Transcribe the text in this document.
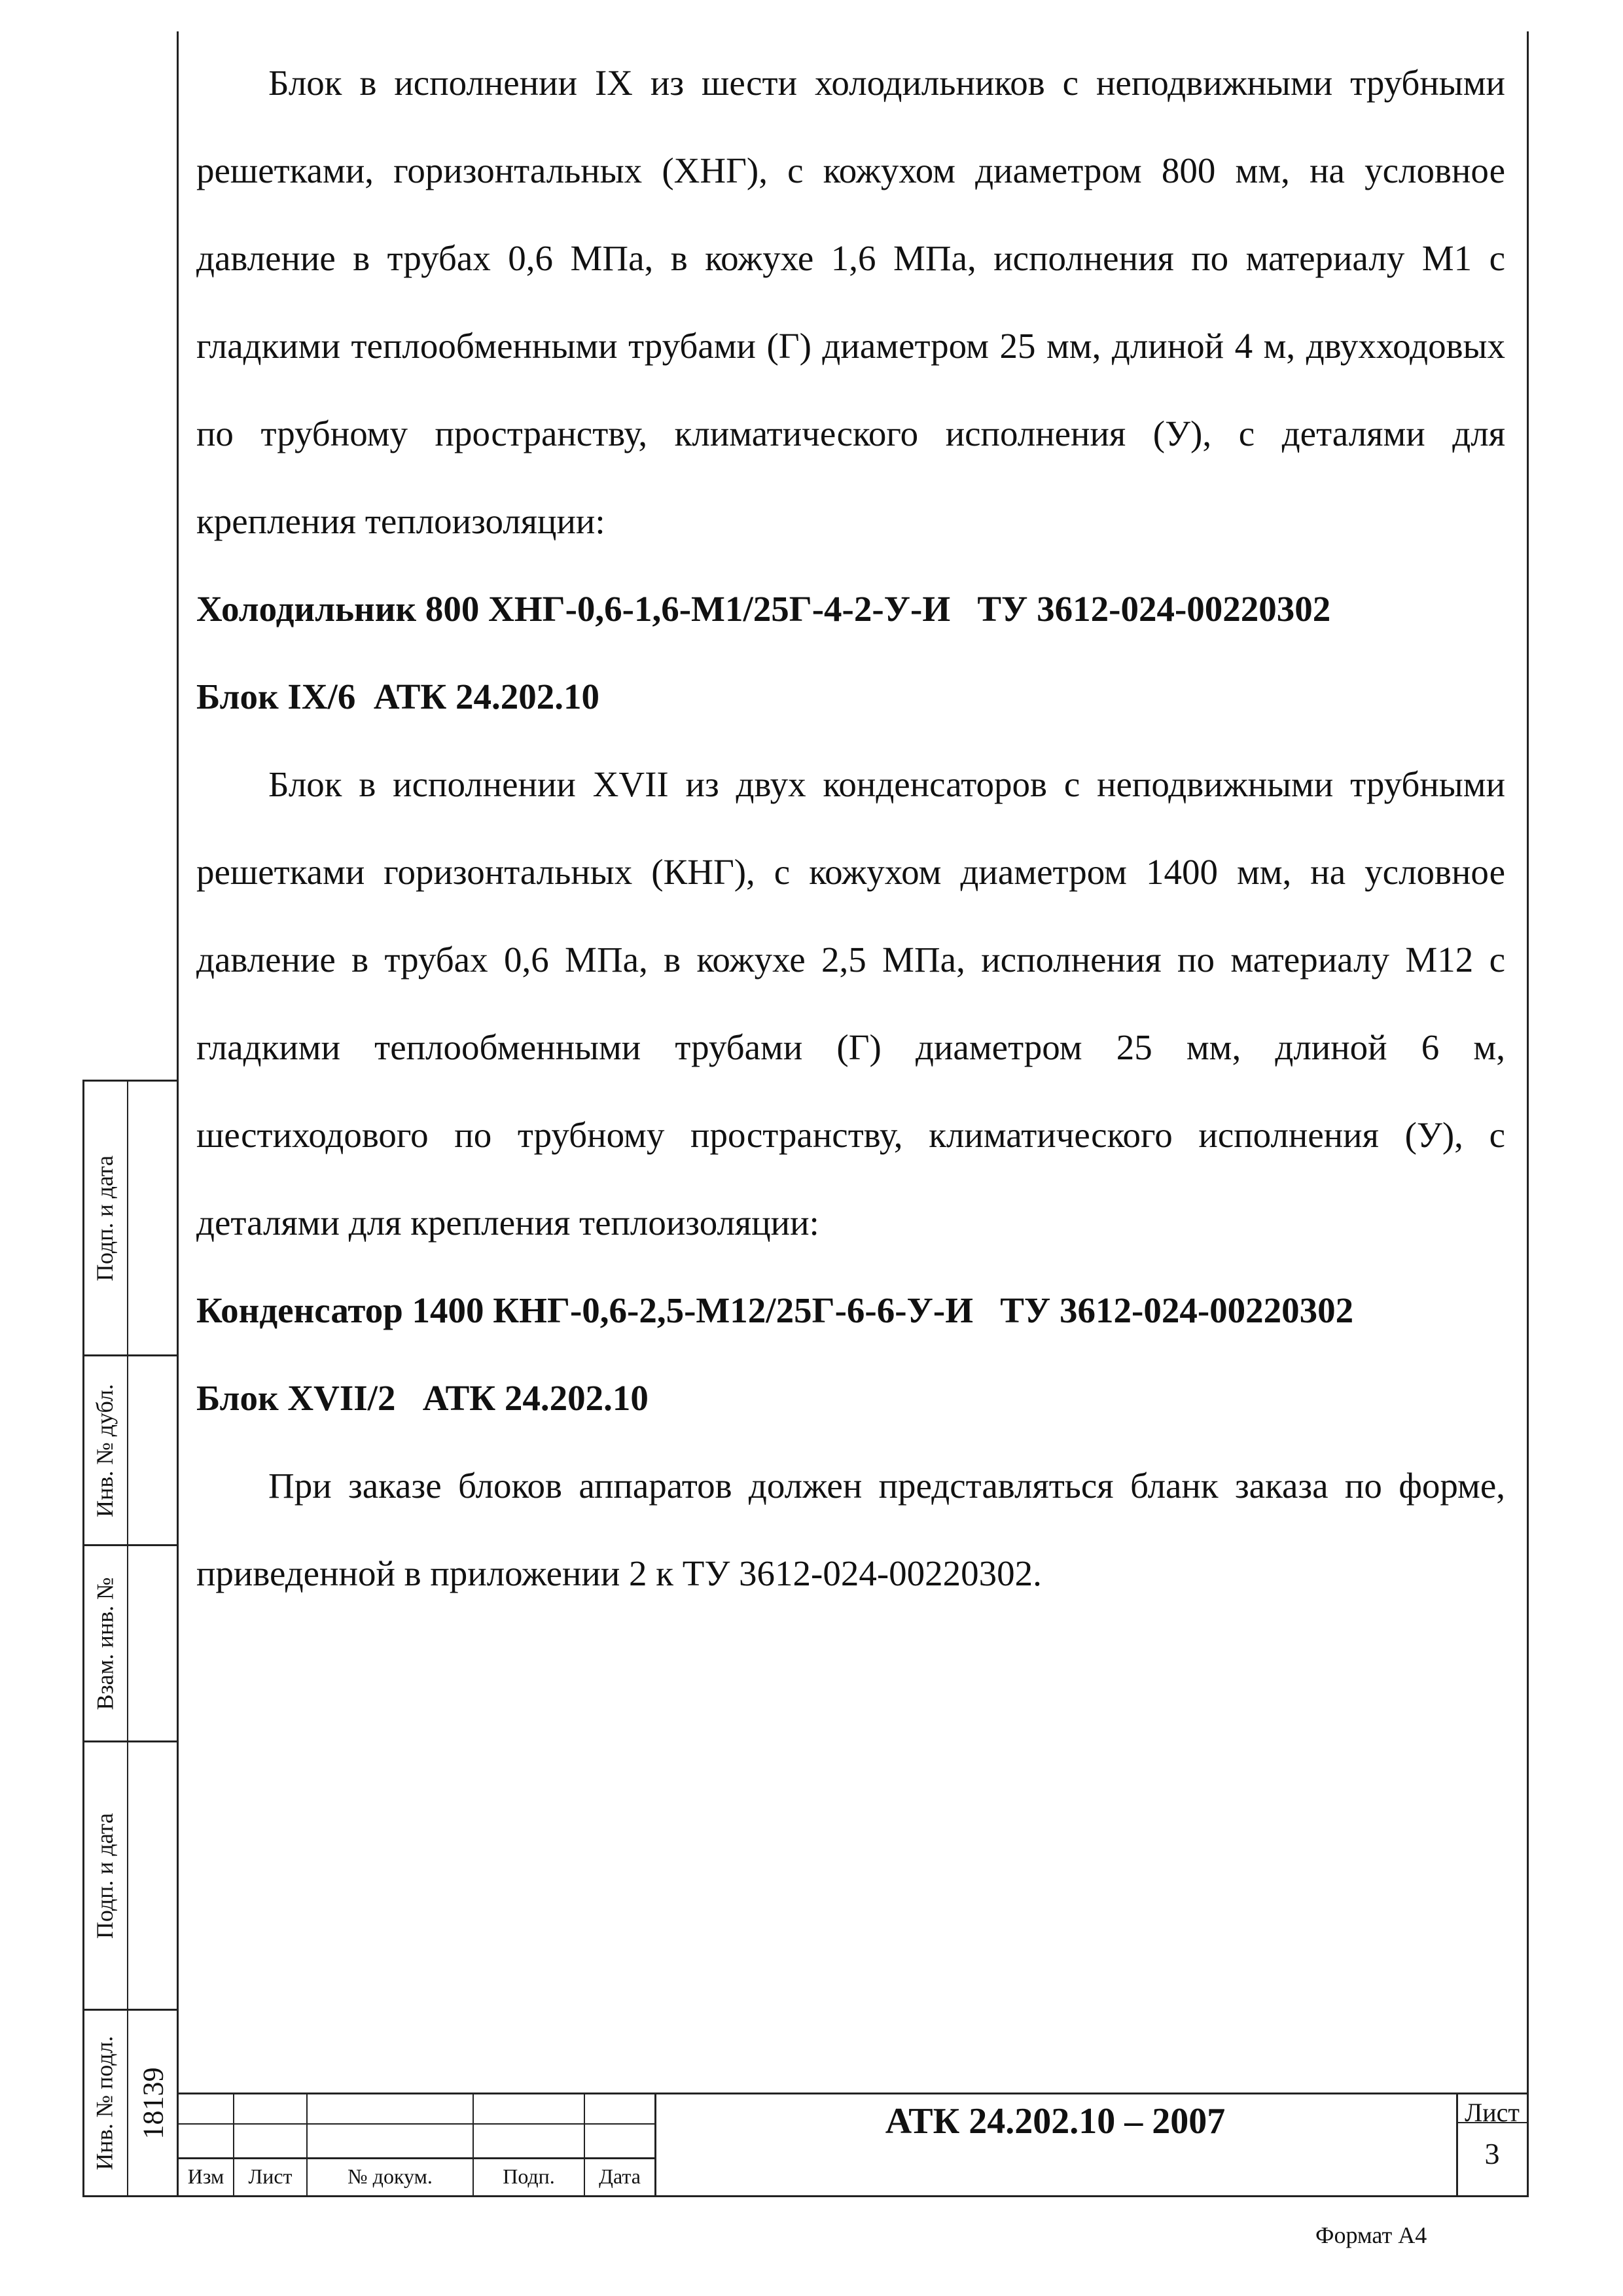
Блок в исполнении IX из шести холодильников с неподвижными трубными решетками, горизонтальных (ХНГ), с кожухом диаметром 800 мм, на условное давление в трубах 0,6 МПа, в кожухе 1,6 МПа, исполнения по материалу М1 с гладкими теплообменными трубами (Г) диаметром 25 мм, длиной 4 м, двухходовых по трубному пространству, климатического исполнения (У), с деталями для крепления теплоизоляции:

Холодильник 800 ХНГ-0,6-1,6-М1/25Г-4-2-У-И   ТУ 3612-024-00220302

Блок IX/6  АТК 24.202.10

Блок в исполнении XVII из двух конденсаторов с неподвижными трубными решетками горизонтальных (КНГ), с кожухом диаметром 1400 мм, на условное давление в трубах 0,6 МПа, в кожухе 2,5 МПа, исполнения по материалу М12 с гладкими теплообменными трубами (Г) диаметром 25 мм, длиной 6 м, шестиходового по трубному пространству, климатического исполнения (У), с деталями для крепления теплоизоляции:

Конденсатор 1400 КНГ-0,6-2,5-М12/25Г-6-6-У-И   ТУ 3612-024-00220302

Блок XVII/2   АТК 24.202.10

При заказе блоков аппаратов должен представляться бланк заказа по форме, приведенной в приложении 2 к ТУ 3612-024-00220302.

Подп. и дата
Инв. № дубл.
Взам. инв. №
Подп. и дата
Инв. № подл. 18139
Изм	Лист	№ докум.	Подп.	Дата
АТК 24.202.10 – 2007	Лист
3
Формат А4
